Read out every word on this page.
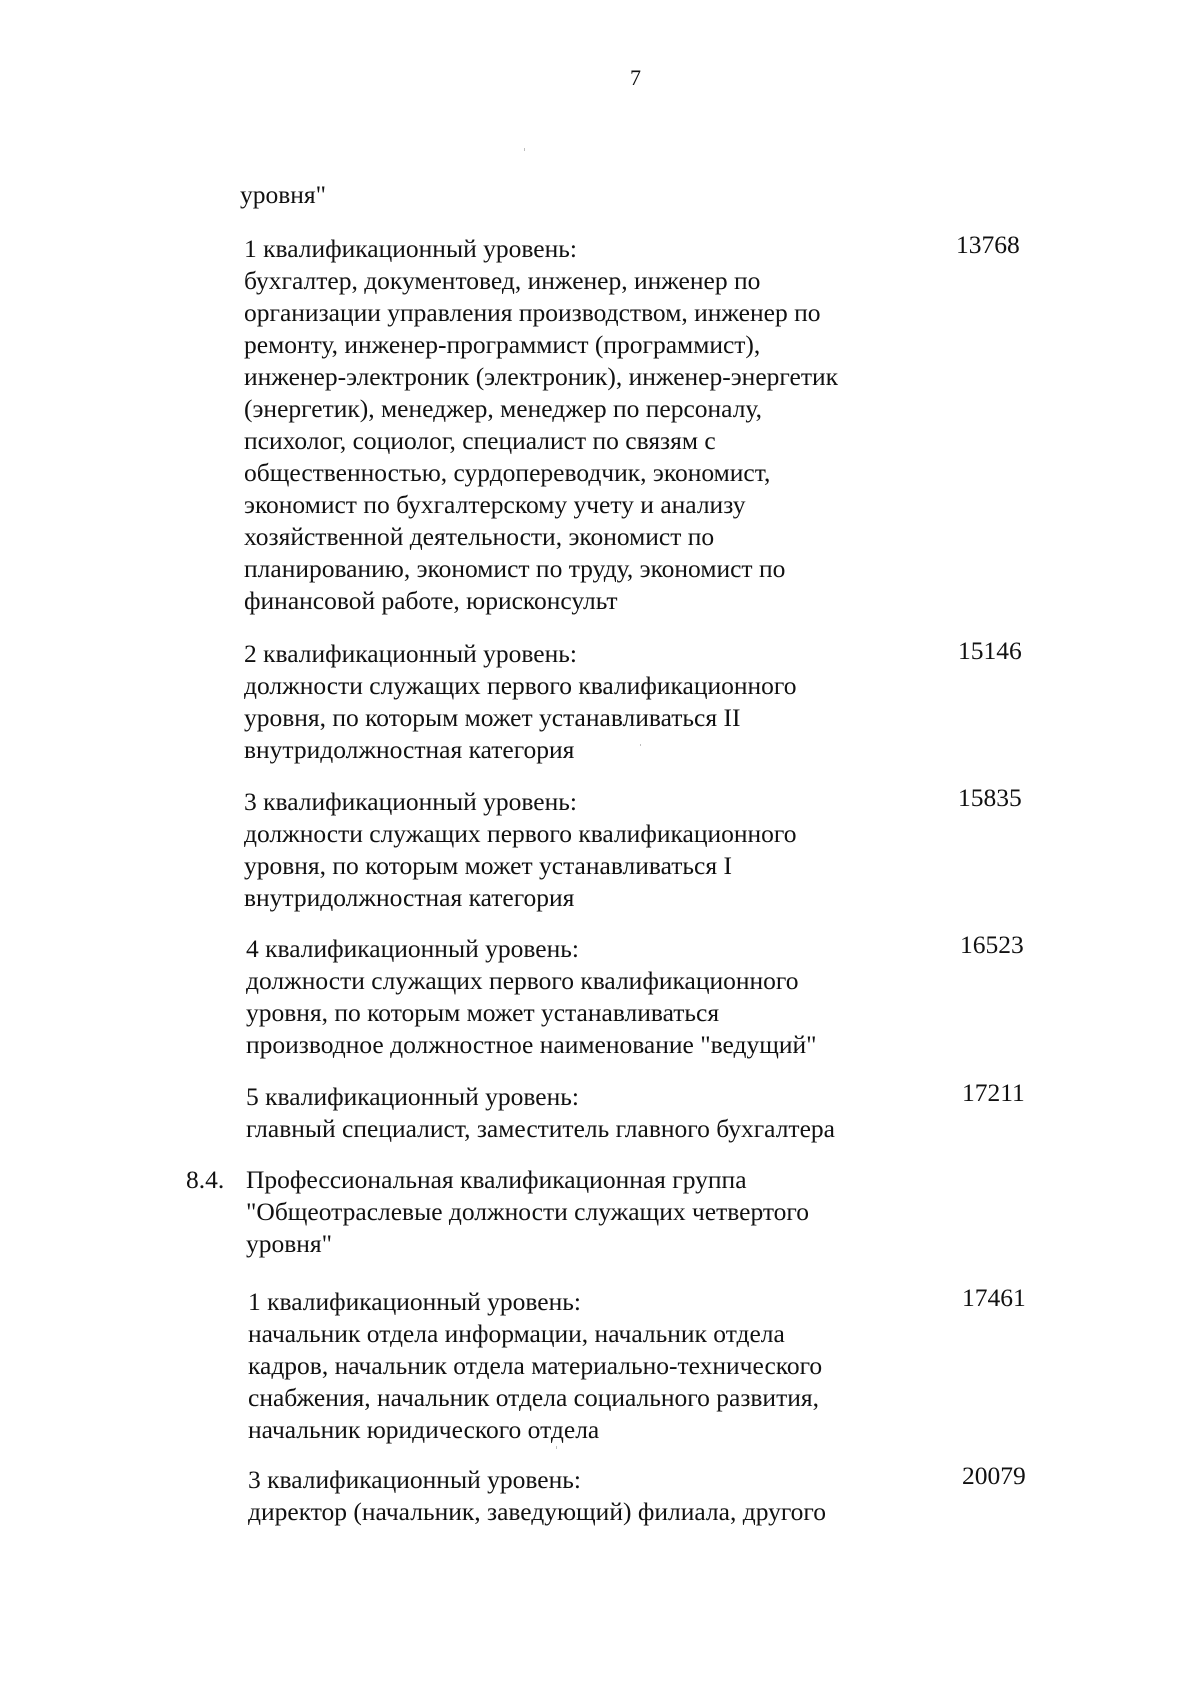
7
уровня"
13768
1 квалификационный уровень:
бухгалтер, документовед, инженер, инженер по
организации управления производством, инженер по
ремонту, инженер-программист (программист),
инженер-электроник (электроник), инженер-энергетик
(энергетик), менеджер, менеджер по персоналу,
психолог, социолог, специалист по связям с
общественностью, сурдопереводчик, экономист,
экономист по бухгалтерскому учету и анализу
хозяйственной деятельности, экономист по
планированию, экономист по труду, экономист по
финансовой работе, юрисконсульт
15146
2 квалификационный уровень:
должности служащих первого квалификационного
уровня, по которым может устанавливаться II
внутридолжностная категория
15835
3 квалификационный уровень:
должности служащих первого квалификационного
уровня, по которым может устанавливаться I
внутридолжностная категория
16523
4 квалификационный уровень:
должности служащих первого квалификационного
уровня, по которым может устанавливаться
производное должностное наименование "ведущий"
17211
5 квалификационный уровень:
главный специалист, заместитель главного бухгалтера
8.4. Профессиональная квалификационная группа
"Общеотраслевые должности служащих четвертого
уровня"
17461
1 квалификационный уровень:
начальник отдела информации, начальник отдела
кадров, начальник отдела материально-технического
снабжения, начальник отдела социального развития,
начальник юридического отдела
20079
3 квалификационный уровень:
директор (начальник, заведующий) филиала, другого
